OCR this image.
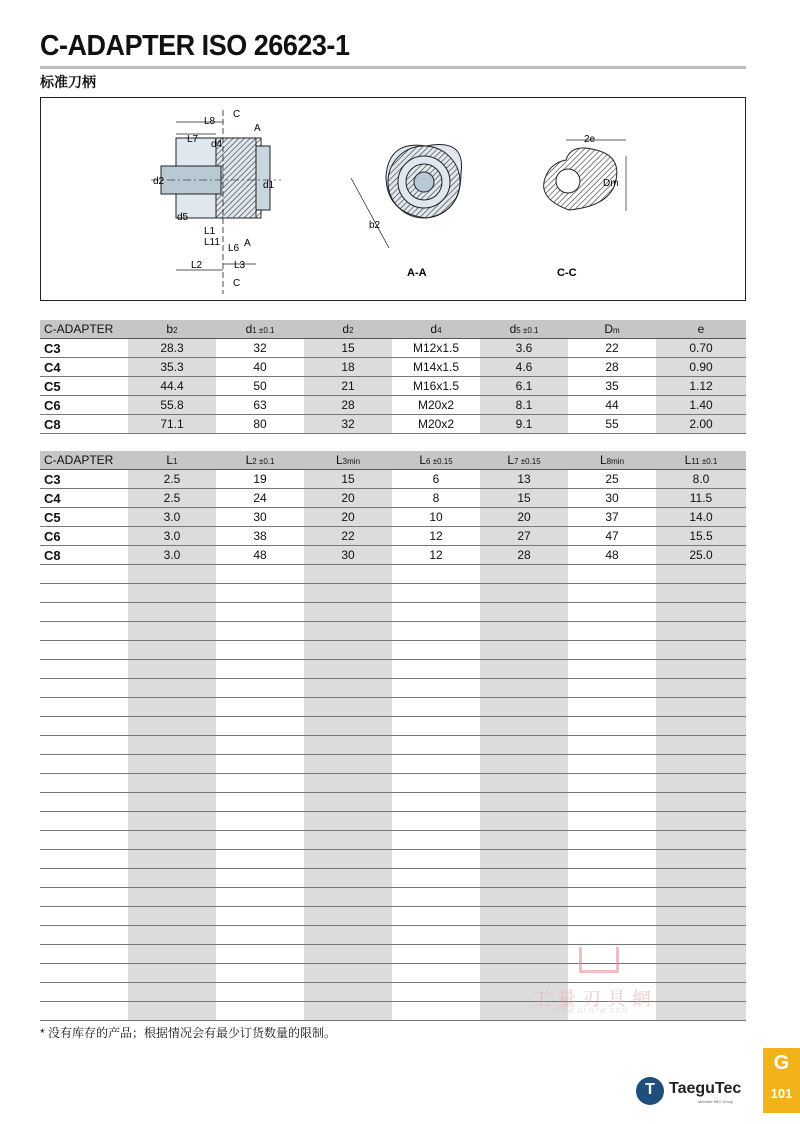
C-ADAPTER ISO 26623-1
标准刀柄
L8
L7 d4
C
A
d2	d1
d5
L1
L11
L6 A
L2	L3
C
b2
A-A
2e
Dm
C-C
C-ADAPTER	b2	d1 ±0.1	d2	d4	d5 ±0.1	Dm	e
C3	28.3	32	15	M12x1.5	3.6	22	0.70
C4	35.3	40	18	M14x1.5	4.6	28	0.90
C5	44.4	50	21	M16x1.5	6.1	35	1.12
C6	55.8	63	28	M20x2	8.1	44	1.40
C8	71.1	80	32	M20x2	9.1	55	2.00
C-ADAPTER	L1	L2 ±0.1	L3min	L6 ±0.15	L7 ±0.15	L8min	L11 ±0.1
C3	2.5	19	15	6	13	25	8.0
C4	2.5	24	20	8	15	30	11.5
C5	3.0	30	20	10	20	37	14.0
C6	3.0	38	22	12	27	47	15.5
C8	3.0	48	30	12	28	48	25.0

* 没有库存的产品；根据情况会有最少订货数量的限制。
工量刃具網
WWW.GLRJW.COM
T TaeguTec
Member IMC Group
G
101
